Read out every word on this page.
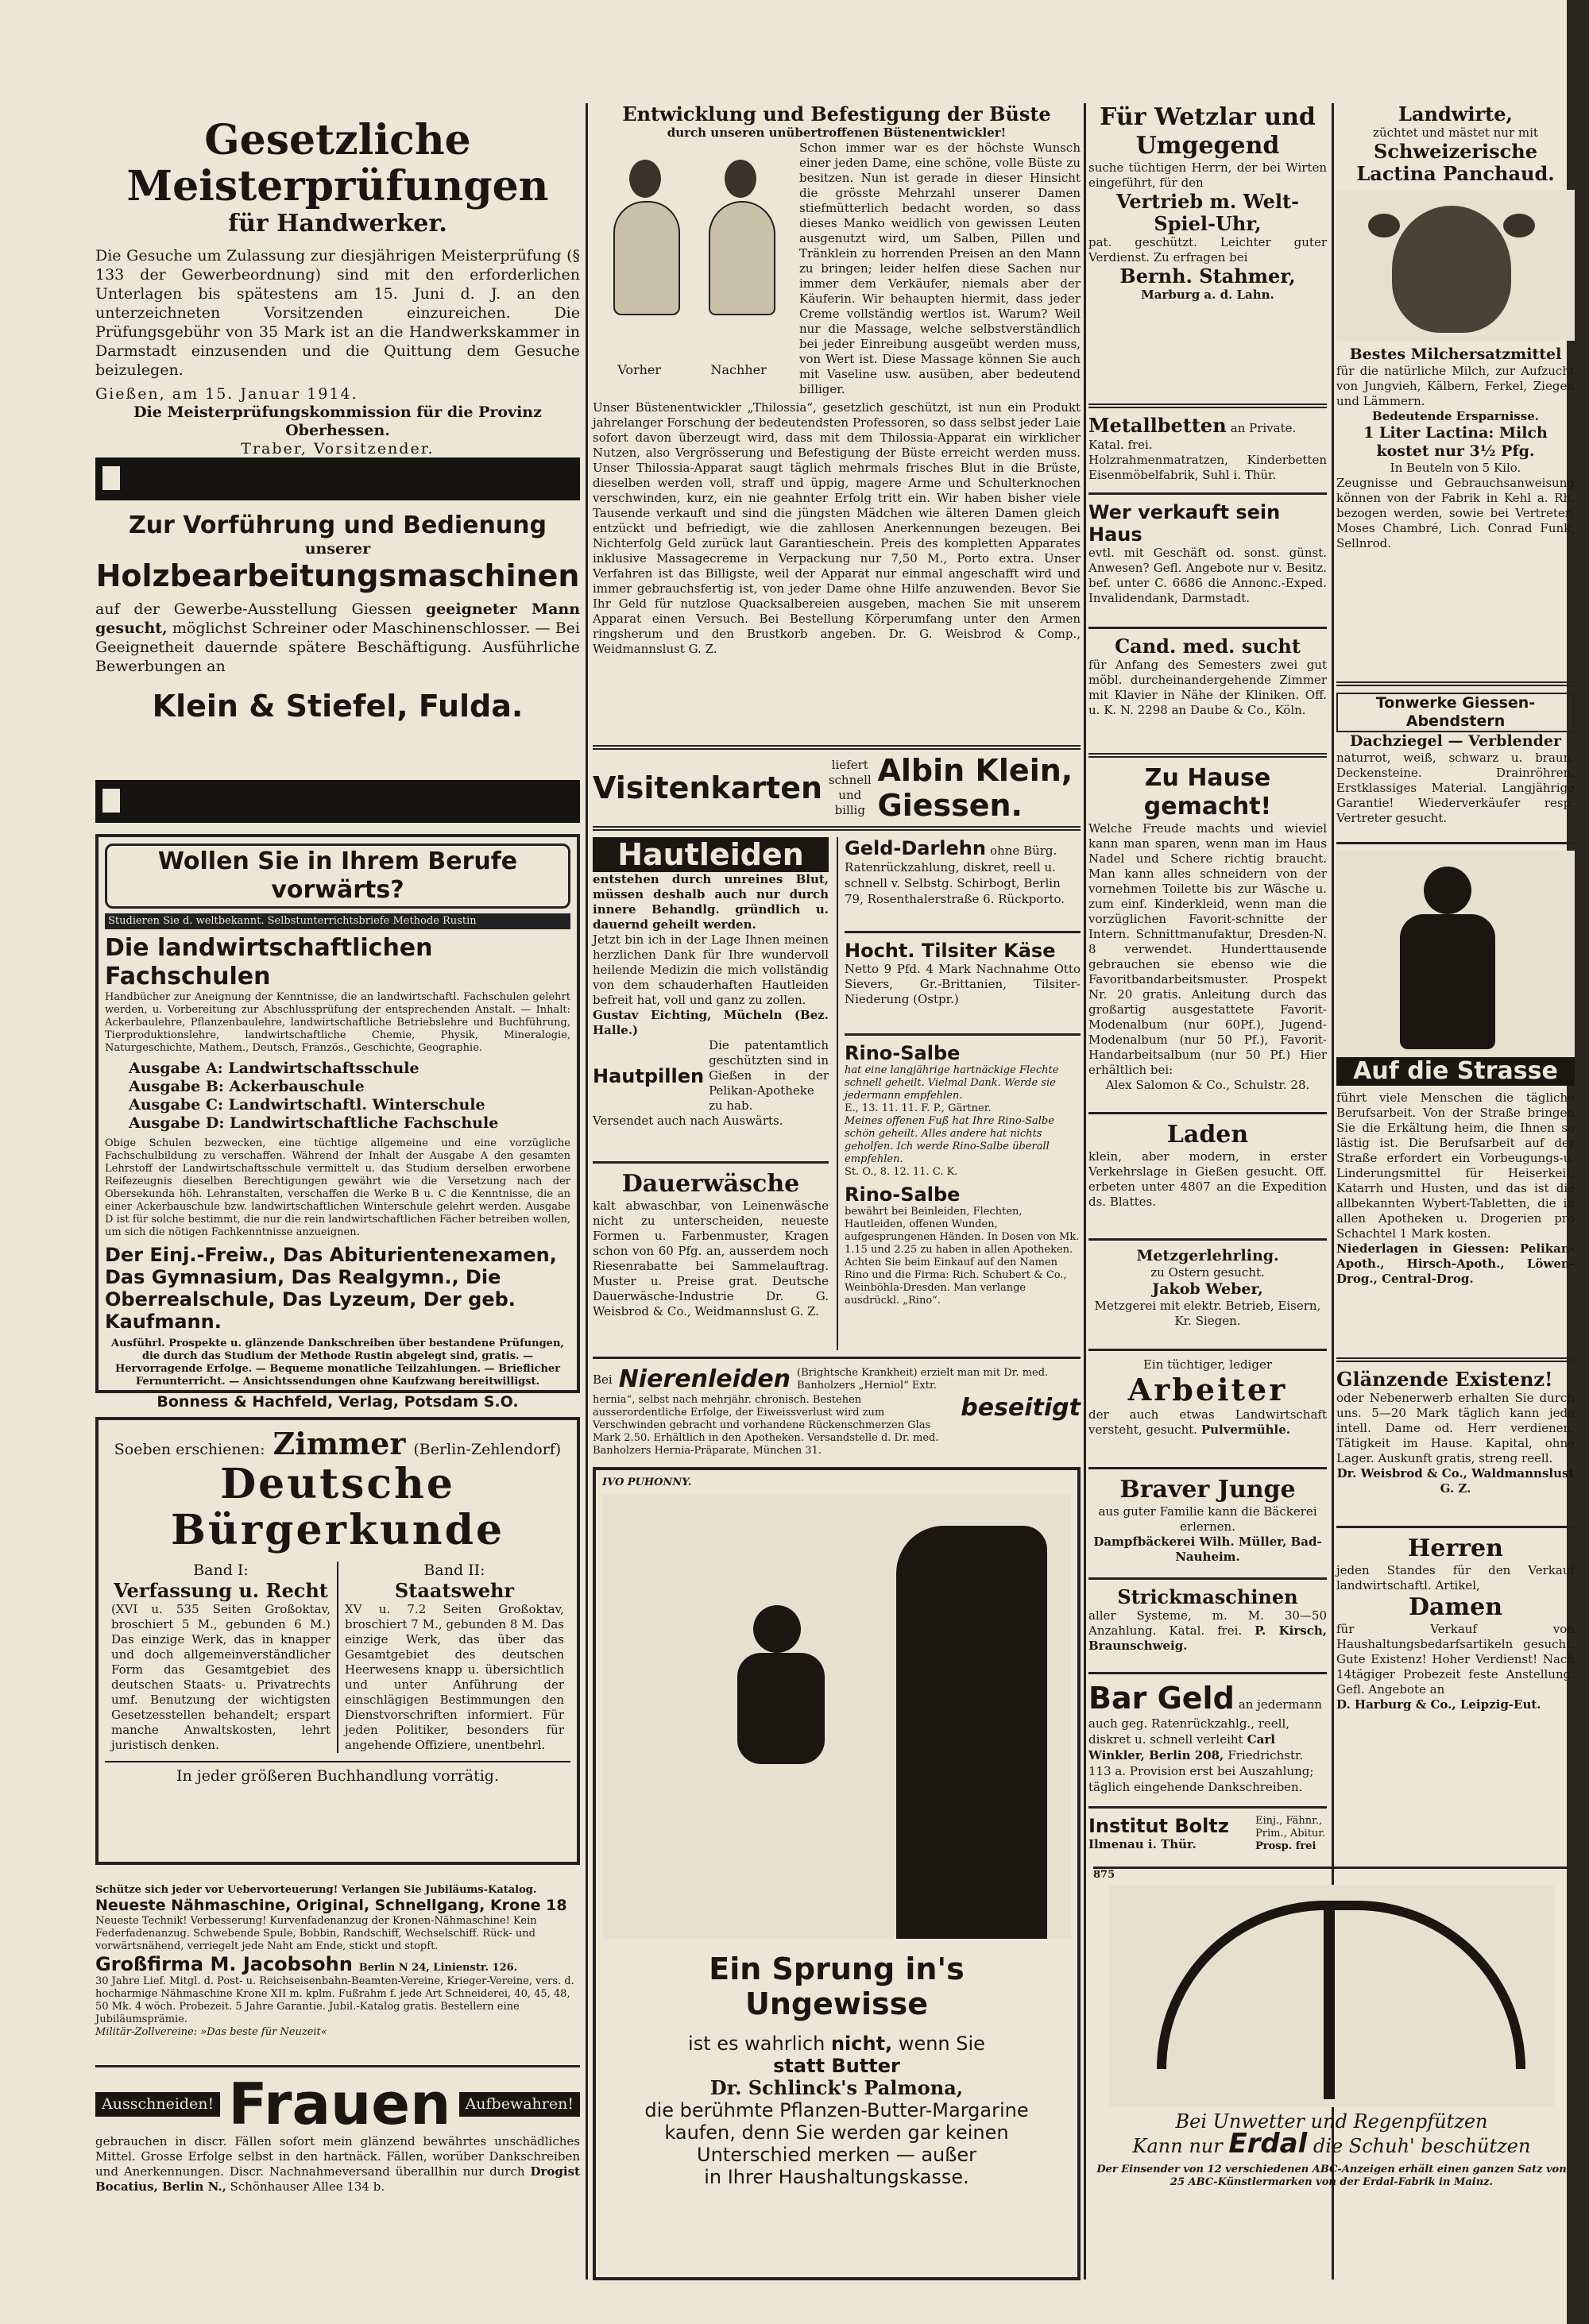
Gesetzliche Meisterprüfungen
für Handwerker.
Die Gesuche um Zulassung zur diesjährigen Meisterprüfung (§ 133 der Gewerbeordnung) sind mit den erforderlichen Unterlagen bis spätestens am 15. Juni d. J. an den unterzeichneten Vorsitzenden einzureichen. Die Prüfungsgebühr von 35 Mark ist an die Handwerkskammer in Darmstadt einzusenden und die Quittung dem Gesuche beizulegen.
Gießen, am 15. Januar 1914.
Die Meisterprüfungskommission für die Provinz Oberhessen.
Traber, Vorsitzender.
Zur Vorführung und Bedienung
unserer
Holzbearbeitungsmaschinen
auf der Gewerbe-Ausstellung Giessen geeigneter Mann gesucht, möglichst Schreiner oder Maschinenschlosser. — Bei Geeignetheit dauernde spätere Beschäftigung. Ausführliche Bewerbungen an
Klein & Stiefel, Fulda.
Wollen Sie in Ihrem Berufe vorwärts?
Studieren Sie d. weltbekannt. Selbstunterrichtsbriefe Methode Rustin
Die landwirtschaftlichen Fachschulen
Handbücher zur Aneignung der Kenntnisse, die an landwirtschaftl. Fachschulen gelehrt werden, u. Vorbereitung zur Abschlussprüfung der entsprechenden Anstalt. — Inhalt: Ackerbaulehre, Pflanzenbaulehre, landwirtschaftliche Betriebslehre und Buchführung, Tierproduktionslehre, landwirtschaftliche Chemie, Physik, Mineralogie, Naturgeschichte, Mathem., Deutsch, Französ., Geschichte, Geographie.
Ausgabe A: Landwirtschaftsschule
Ausgabe B: Ackerbauschule
Ausgabe C: Landwirtschaftl. Winterschule
Ausgabe D: Landwirtschaftliche Fachschule
Obige Schulen bezwecken, eine tüchtige allgemeine und eine vorzügliche Fachschulbildung zu verschaffen. Während der Inhalt der Ausgabe A den gesamten Lehrstoff der Landwirtschaftsschule vermittelt u. das Studium derselben erworbene Reifezeugnis dieselben Berechtigungen gewährt wie die Versetzung nach der Obersekunda höh. Lehranstalten, verschaffen die Werke B u. C die Kenntnisse, die an einer Ackerbauschule bzw. landwirtschaftlichen Winterschule gelehrt werden. Ausgabe D ist für solche bestimmt, die nur die rein landwirtschaftlichen Fächer betreiben wollen, um sich die nötigen Fachkenntnisse anzueignen.
Der Einj.-Freiw., Das Abiturientenexamen, Das Gymnasium, Das Realgymn., Die Oberrealschule, Das Lyzeum, Der geb. Kaufmann.
Ausführl. Prospekte u. glänzende Dankschreiben über bestandene Prüfungen, die durch das Studium der Methode Rustin abgelegt sind, gratis. — Hervorragende Erfolge. — Bequeme monatliche Teilzahlungen. — Brieflicher Fernunterricht. — Ansichtssendungen ohne Kaufzwang bereitwilligst.
Bonness & Hachfeld, Verlag, Potsdam S.O.
Soeben erschienen: Zimmer (Berlin-Zehlendorf)
Deutsche Bürgerkunde
Band I:
Verfassung u. Recht
(XVI u. 535 Seiten Großoktav, broschiert 5 M., gebunden 6 M.) Das einzige Werk, das in knapper und doch allgemeinverständlicher Form das Gesamtgebiet des deutschen Staats- u. Privatrechts umf. Benutzung der wichtigsten Gesetzesstellen behandelt; erspart manche Anwaltskosten, lehrt juristisch denken.
Band II:
Staatswehr
XV u. 7.2 Seiten Großoktav, broschiert 7 M., gebunden 8 M. Das einzige Werk, das über das Gesamtgebiet des deutschen Heerwesens knapp u. übersichtlich und unter Anführung der einschlägigen Bestimmungen den Dienstvorschriften informiert. Für jeden Politiker, besonders für angehende Offiziere, unentbehrl.
In jeder größeren Buchhandlung vorrätig.
Schütze sich jeder vor Uebervorteuerung! Verlangen Sie Jubiläums-Katalog.
Neueste Nähmaschine, Original, Schnellgang, Krone 18
Neueste Technik! Verbesserung! Kurvenfadenanzug der Kronen-Nähmaschine! Kein Federfadenanzug. Schwebende Spule, Bobbin, Randschiff, Wechselschiff. Rück- und vorwärtsnähend, verriegelt jede Naht am Ende, stickt und stopft.
Großfirma M. Jacobsohn Berlin N 24, Linienstr. 126.
30 Jahre Lief. Mitgl. d. Post- u. Reichseisenbahn-Beamten-Vereine, Krieger-Vereine, vers. d. hocharmige Nähmaschine Krone XII m. kplm. Fußrahm f. jede Art Schneiderei, 40, 45, 48, 50 Mk. 4 wöch. Probezeit. 5 Jahre Garantie. Jubil.-Katalog gratis. Bestellern eine Jubiläumsprämie.
Militär-Zollvereine: »Das beste für Neuzeit«
Ausschneiden! Frauen Aufbewahren!
gebrauchen in discr. Fällen sofort mein glänzend bewährtes unschädliches Mittel. Grosse Erfolge selbst in den hartnäck. Fällen, worüber Dankschreiben und Anerkennungen. Discr. Nachnahmeversand überallhin nur durch Drogist Bocatius, Berlin N., Schönhauser Allee 134 b.
Entwicklung und Befestigung der Büste
durch unseren unübertroffenen Büstenentwickler!
Vorher	Nachher
Schon immer war es der höchste Wunsch einer jeden Dame, eine schöne, volle Büste zu besitzen. Nun ist gerade in dieser Hinsicht die grösste Mehrzahl unserer Damen stiefmütterlich bedacht worden, so dass dieses Manko weidlich von gewissen Leuten ausgenutzt wird, um Salben, Pillen und Tränklein zu horrenden Preisen an den Mann zu bringen; leider helfen diese Sachen nur immer dem Verkäufer, niemals aber der Käuferin. Wir behaupten hiermit, dass jeder Creme vollständig wertlos ist. Warum? Weil nur die Massage, welche selbstverständlich bei jeder Einreibung ausgeübt werden muss, von Wert ist. Diese Massage können Sie auch mit Vaseline usw. ausüben, aber bedeutend billiger.
Unser Büstenentwickler „Thilossia“, gesetzlich geschützt, ist nun ein Produkt jahrelanger Forschung der bedeutendsten Professoren, so dass selbst jeder Laie sofort davon überzeugt wird, dass mit dem Thilossia-Apparat ein wirklicher Nutzen, also Vergrösserung und Befestigung der Büste erreicht werden muss. Unser Thilossia-Apparat saugt täglich mehrmals frisches Blut in die Brüste, dieselben werden voll, straff und üppig, magere Arme und Schulterknochen verschwinden, kurz, ein nie geahnter Erfolg tritt ein. Wir haben bisher viele Tausende verkauft und sind die jüngsten Mädchen wie älteren Damen gleich entzückt und befriedigt, wie die zahllosen Anerkennungen bezeugen. Bei Nichterfolg Geld zurück laut Garantieschein. Preis des kompletten Apparates inklusive Massagecreme in Verpackung nur 7,50 M., Porto extra. Unser Verfahren ist das Billigste, weil der Apparat nur einmal angeschafft wird und immer gebrauchsfertig ist, von jeder Dame ohne Hilfe anzuwenden. Bevor Sie Ihr Geld für nutzlose Quacksalbereien ausgeben, machen Sie mit unserem Apparat einen Versuch. Bei Bestellung Körperumfang unter den Armen ringsherum und den Brustkorb angeben. Dr. G. Weisbrod & Comp., Weidmannslust G. Z.
Visitenkarten
liefert schnell und billig
Albin Klein, Giessen.
Hautleiden
entstehen durch unreines Blut, müssen deshalb auch nur durch innere Behandlg. gründlich u. dauernd geheilt werden.
Jetzt bin ich in der Lage Ihnen meinen herzlichen Dank für Ihre wundervoll heilende Medizin die mich vollständig von dem schauderhaften Hautleiden befreit hat, voll und ganz zu zollen.
Gustav Eichting, Mücheln (Bez. Halle.)
Hautpillen
Die patentamtlich geschützten sind in Gießen in der Pelikan-Apotheke zu hab.
Versendet auch nach Auswärts.
Dauerwäsche
kalt abwaschbar, von Leinenwäsche nicht zu unterscheiden, neueste Formen u. Farbenmuster, Kragen schon von 60 Pfg. an, ausserdem noch Riesenrabatte bei Sammelauftrag. Muster u. Preise grat. Deutsche Dauerwäsche-Industrie Dr. G. Weisbrod & Co., Weidmannslust G. Z.
Geld-Darlehn ohne Bürg. Ratenrückzahlung, diskret, reell u. schnell v. Selbstg. Schirbogt, Berlin 79, Rosenthalerstraße 6. Rückporto.
Hocht. Tilsiter Käse
Netto 9 Pfd. 4 Mark Nachnahme Otto Sievers, Gr.-Brittanien, Tilsiter-Niederung (Ostpr.)
Rino-Salbe
hat eine langjährige hartnäckige Flechte schnell geheilt. Vielmal Dank. Werde sie jedermann empfehlen.
E., 13. 11. 11. F. P., Gärtner.
Meines offenen Fuß hat Ihre Rino-Salbe schön geheilt. Alles andere hat nichts geholfen. Ich werde Rino-Salbe überall empfehlen.
St. O., 8. 12. 11. C. K.
Rino-Salbe
bewährt bei Beinleiden, Flechten, Hautleiden, offenen Wunden, aufgesprungenen Händen. In Dosen von Mk. 1.15 und 2.25 zu haben in allen Apotheken. Achten Sie beim Einkauf auf den Namen Rino und die Firma: Rich. Schubert & Co., Weinböhla-Dresden. Man verlange ausdrückl. „Rino“.
Bei Nierenleiden (Brightsche Krankheit) erzielt man mit Dr. med. Banholzers „Herniol“ Extr.
hernia“, selbst nach mehrjähr. chronisch. Bestehen ausserordentliche Erfolge, der Eiweissverlust wird zum Verschwinden gebracht und vorhandene Rückenschmerzen Glas Mark 2.50. Erhältlich in den Apotheken. Versandstelle d. Dr. med. Banholzers Hernia-Präparate, München 31.
beseitigt
IVO PUHONNY.
Ein Sprung in's
Ungewisse
ist es wahrlich nicht, wenn Sie
statt Butter
Dr. Schlinck's Palmona,
die berühmte Pflanzen-Butter-Margarine
kaufen, denn Sie werden gar keinen
Unterschied merken — außer
in Ihrer Haushaltungskasse.
Für Wetzlar und Umgegend
suche tüchtigen Herrn, der bei Wirten eingeführt, für den
Vertrieb m. Welt-Spiel-Uhr,
pat. geschützt. Leichter guter Verdienst. Zu erfragen bei
Bernh. Stahmer,
Marburg a. d. Lahn.
Metallbetten an Private. Katal. frei.
Holzrahmenmatratzen, Kinderbetten Eisenmöbelfabrik, Suhl i. Thür.
Wer verkauft sein Haus
evtl. mit Geschäft od. sonst. günst. Anwesen? Gefl. Angebote nur v. Besitz. bef. unter C. 6686 die Annonc.-Exped. Invalidendank, Darmstadt.
Cand. med. sucht
für Anfang des Semesters zwei gut möbl. durcheinandergehende Zimmer mit Klavier in Nähe der Kliniken. Off. u. K. N. 2298 an Daube & Co., Köln.
Zu Hause gemacht!
Welche Freude machts und wieviel kann man sparen, wenn man im Haus Nadel und Schere richtig braucht. Man kann alles schneidern von der vornehmen Toilette bis zur Wäsche u. zum einf. Kinderkleid, wenn man die vorzüglichen Favorit-schnitte der Intern. Schnittmanufaktur, Dresden-N. 8 verwendet. Hunderttausende gebrauchen sie ebenso wie die Favoritbandarbeitsmuster. Prospekt Nr. 20 gratis. Anleitung durch das großartig ausgestattete Favorit-Modenalbum (nur 60Pf.), Jugend-Modenalbum (nur 50 Pf.), Favorit-Handarbeitsalbum (nur 50 Pf.) Hier erhältlich bei:
Alex Salomon & Co., Schulstr. 28.
Laden
klein, aber modern, in erster Verkehrslage in Gießen gesucht. Off. erbeten unter 4807 an die Expedition ds. Blattes.
Metzgerlehrling.
zu Ostern gesucht.
Jakob Weber,
Metzgerei mit elektr. Betrieb, Eisern, Kr. Siegen.
Ein tüchtiger, lediger
Arbeiter
der auch etwas Landwirtschaft versteht, gesucht. Pulvermühle.
Braver Junge
aus guter Familie kann die Bäckerei erlernen.
Dampfbäckerei Wilh. Müller, Bad-Nauheim.
Strickmaschinen
aller Systeme, m. M. 30—50 Anzahlung. Katal. frei. P. Kirsch, Braunschweig.
Bar Geld an jedermann auch geg. Ratenrückzahlg., reell, diskret u. schnell verleiht Carl Winkler, Berlin 208, Friedrichstr. 113 a. Provision erst bei Auszahlung; täglich eingehende Dankschreiben.
Institut Boltz
Ilmenau i. Thür.
Einj., Fähnr., Prim., Abitur.
Prosp. frei
Landwirte,
züchtet und mästet nur mit
Schweizerische Lactina Panchaud.
Bestes Milchersatzmittel
für die natürliche Milch, zur Aufzucht von Jungvieh, Kälbern, Ferkel, Ziegen und Lämmern.
Bedeutende Ersparnisse.
1 Liter Lactina: Milch kostet nur 3½ Pfg.
In Beuteln von 5 Kilo.
Zeugnisse und Gebrauchsanweisung können von der Fabrik in Kehl a. Rh. bezogen werden, sowie bei Vertreter: Moses Chambré, Lich. Conrad Funk, Sellnrod.
Tonwerke Giessen-Abendstern
Dachziegel — Verblender
naturrot, weiß, schwarz u. braun. Deckensteine. Drainröhren. Erstklassiges Material. Langjährige Garantie! Wiederverkäufer resp. Vertreter gesucht.
Auf die Strasse
führt viele Menschen die tägliche Berufsarbeit. Von der Straße bringen Sie die Erkältung heim, die Ihnen so lästig ist. Die Berufsarbeit auf der Straße erfordert ein Vorbeugungs-u. Linderungsmittel für Heiserkeit, Katarrh und Husten, und das ist die allbekannten Wybert-Tabletten, die in allen Apotheken u. Drogerien pro Schachtel 1 Mark kosten.
Niederlagen in Giessen: Pelikan-Apoth., Hirsch-Apoth., Löwen-Drog., Central-Drog.
Glänzende Existenz!
oder Nebenerwerb erhalten Sie durch uns. 5—20 Mark täglich kann jede intell. Dame od. Herr verdienen. Tätigkeit im Hause. Kapital, ohne Lager. Auskunft gratis, streng reell.
Dr. Weisbrod & Co., Waldmannslust G. Z.
Herren
jeden Standes für den Verkauf landwirtschaftl. Artikel,
Damen
für Verkauf von Haushaltungsbedarfsartikeln gesucht. Gute Existenz! Hoher Verdienst! Nach 14tägiger Probezeit feste Anstellung. Gefl. Angebote an
D. Harburg & Co., Leipzig-Eut.
875
Bei Unwetter und Regenpfützen
Kann nur Erdal die Schuh' beschützen
Der Einsender von 12 verschiedenen ABC-Anzeigen erhält einen ganzen Satz von 25 ABC-Künstlermarken von der Erdal-Fabrik in Mainz.
